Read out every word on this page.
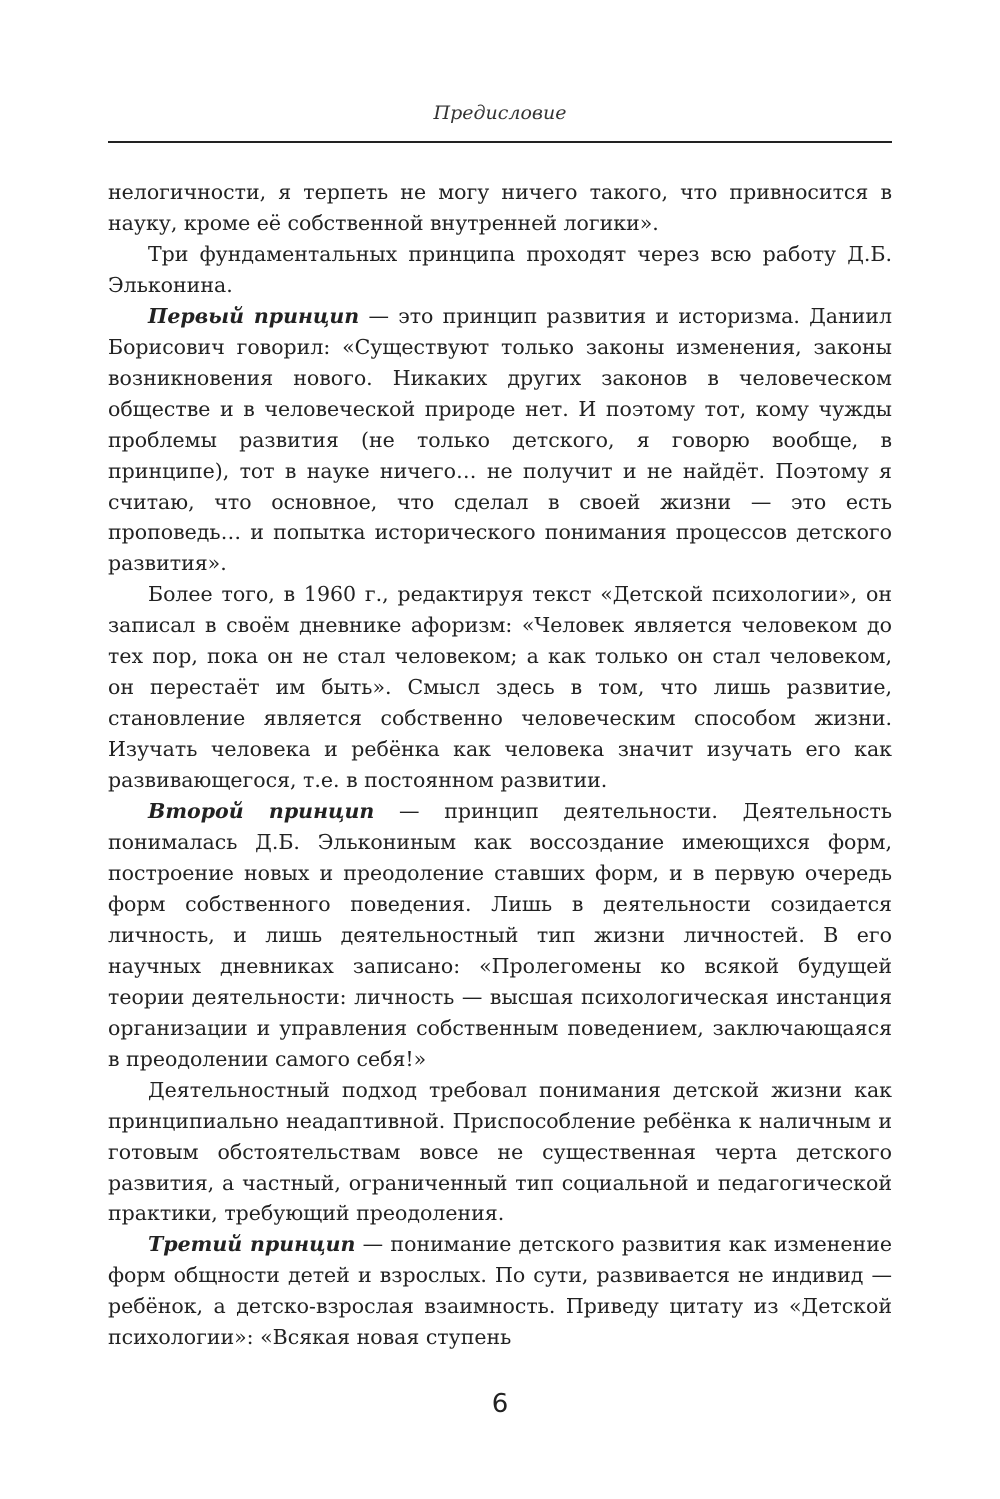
Предисловие

нелогичности, я терпеть не могу ничего такого, что привносится в науку, кроме её собственной внутренней логики».

Три фундаментальных принципа проходят через всю работу Д.Б. Эльконина.

Первый принцип — это принцип развития и историзма. Даниил Борисович говорил: «Существуют только законы изменения, законы возникновения нового. Никаких других законов в человеческом обществе и в человеческой природе нет. И поэтому тот, кому чужды проблемы развития (не только детского, я говорю вообще, в принципе), тот в науке ничего… не получит и не найдёт. Поэтому я считаю, что основное, что сделал в своей жизни — это есть проповедь… и попытка исторического понимания процессов детского развития».

Более того, в 1960 г., редактируя текст «Детской психологии», он записал в своём дневнике афоризм: «Человек является человеком до тех пор, пока он не стал человеком; а как только он стал человеком, он перестаёт им быть». Смысл здесь в том, что лишь развитие, становление является собственно человеческим способом жизни. Изучать человека и ребёнка как человека значит изучать его как развивающегося, т.е. в постоянном развитии.

Второй принцип — принцип деятельности. Деятельность понималась Д.Б. Элькониным как воссоздание имеющихся форм, построение новых и преодоление ставших форм, и в первую очередь форм собственного поведения. Лишь в деятельности созидается личность, и лишь деятельностный тип жизни личностей. В его научных дневниках записано: «Пролегомены ко всякой будущей теории деятельности: личность — высшая психологическая инстанция организации и управления собственным поведением, заключающаяся в преодолении самого себя!»

Деятельностный подход требовал понимания детской жизни как принципиально неадаптивной. Приспособление ребёнка к наличным и готовым обстоятельствам вовсе не существенная черта детского развития, а частный, ограниченный тип социальной и педагогической практики, требующий преодоления.

Третий принцип — понимание детского развития как изменение форм общности детей и взрослых. По сути, развивается не индивид — ребёнок, а детско-взрослая взаимность. Приведу цитату из «Детской психологии»: «Всякая новая ступень

6
